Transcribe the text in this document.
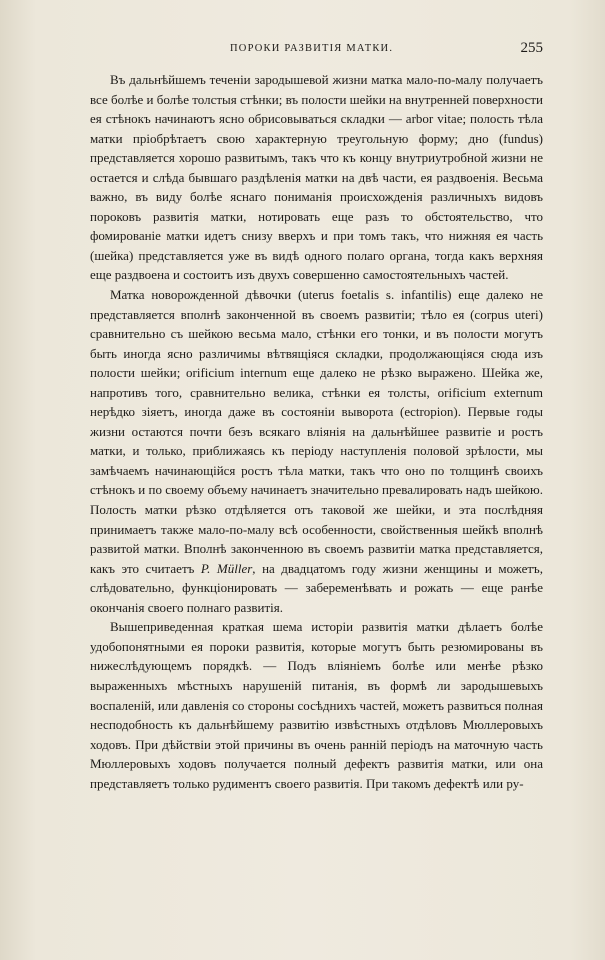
ПОРОКИ РАЗВИТІЯ МАТКИ.	255

Въ дальнѣйшемъ теченіи зародышевой жизни матка мало-по-малу получаетъ все болѣе и болѣе толстыя стѣнки; въ полости шейки на внутренней поверхности ея стѣнокъ начинаютъ ясно обрисовываться складки — arbor vitae; полость тѣла матки пріобрѣтаетъ свою характерную треугольную форму; дно (fundus) представляется хорошо развитымъ, такъ что къ концу внутриутробной жизни не остается и слѣда бывшаго раздѣленія матки на двѣ части, ея раздвоенія. Весьма важно, въ виду болѣе яснаго пониманія происхожденія различныхъ видовъ пороковъ развитія матки, нотировать еще разъ то обстоятельство, что фомированіе матки идетъ снизу вверхъ и при томъ такъ, что нижняя ея часть (шейка) представляется уже въ видѣ одного полаго органа, тогда какъ верхняя еще раздвоена и состоитъ изъ двухъ совершенно самостоятельныхъ частей.

Матка новорожденной дѣвочки (uterus foetalis s. infantilis) еще далеко не представляется вполнѣ законченной въ своемъ развитіи; тѣло ея (corpus uteri) сравнительно съ шейкою весьма мало, стѣнки его тонки, и въ полости могутъ быть иногда ясно различимы вѣтвящіяся складки, продолжающіяся сюда изъ полости шейки; orificium internum еще далеко не рѣзко выражено. Шейка же, напротивъ того, сравнительно велика, стѣнки ея толсты, orificium externum нерѣдко зіяетъ, иногда даже въ состояніи выворота (ectropion). Первые годы жизни остаются почти безъ всякаго вліянія на дальнѣйшее развитіе и ростъ матки, и только, приближаясь къ періоду наступленія половой зрѣлости, мы замѣчаемъ начинающійся ростъ тѣла матки, такъ что оно по толщинѣ своихъ стѣнокъ и по своему объему начинаетъ значительно превалировать надъ шейкою. Полость матки рѣзко отдѣляется отъ таковой же шейки, и эта послѣдняя принимаетъ также мало-по-малу всѣ особенности, свойственныя шейкѣ вполнѣ развитой матки. Вполнѣ законченною въ своемъ развитіи матка представляется, какъ это считаетъ P. Müller, на двадцатомъ году жизни женщины и можетъ, слѣдовательно, функціонировать — забеременѣвать и рожать — еще ранѣе окончанія своего полнаго развитія.

Вышеприведенная краткая шема исторіи развитія матки дѣлаетъ болѣе удобопонятными ея пороки развитія, которые могутъ быть резюмированы въ нижеслѣдующемъ порядкѣ. — Подъ вліяніемъ болѣе или менѣе рѣзко выраженныхъ мѣстныхъ нарушеній питанія, въ формѣ ли зародышевыхъ воспаленій, или давленія со стороны сосѣднихъ частей, можетъ развиться полная несподобность къ дальнѣйшему развитію извѣстныхъ отдѣловъ Мюллеровыхъ ходовъ. При дѣйствіи этой причины въ очень ранній періодъ на маточную часть Мюллеровыхъ ходовъ получается полный дефектъ развитія матки, или она представляетъ только рудиментъ своего развитія. При такомъ дефектѣ или ру-
